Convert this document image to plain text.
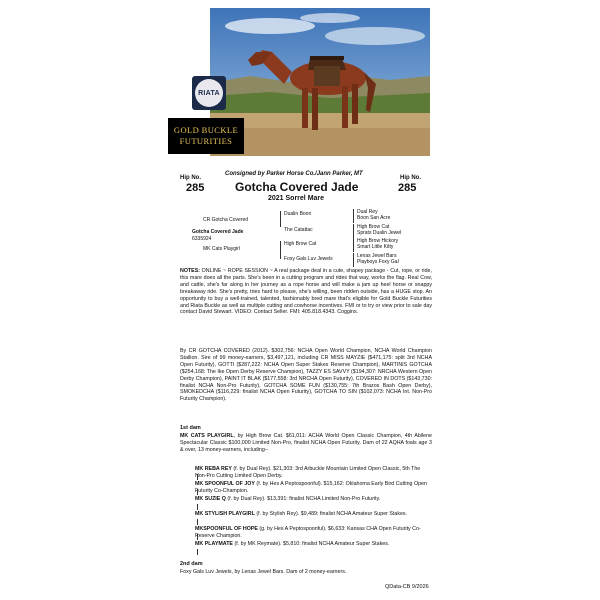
RIATA
GOLD BUCKLE
FUTURITIES
Consigned by Parker Horse Co./Jann Parker, MT
Hip No.
285
Hip No.
285
Gotcha Covered Jade
2021 Sorrel Mare
CR Gotcha Covered
Gotcha Covered Jade
6335924
MK Cats Playgirl
Dualin Boon
The Catattac
High Brow Cat
Foxy Gals Luv Jewels
Dual Rey
Boon San Acre
High Brow Cat
Sprats Dualin Jewel
High Brow Hickory
Smart Little Kitty
Lenas Jewel Bars
Playboys Foxy Gal
NOTES: ONLINE ~ ROPE SESSION ~ A real package deal in a cute, shapey package - Cut, rope, or ride, this mare does all the parts. She's been in a cutting program and rides that way, works the flag. Real Cow, and cattle, she's far along in her journey as a rope horse and will make a jam up heel horse or snappy breakaway ride. She's pretty, tries hard to please, she's willing, been ridden outside, has a HUGE stop. An opportunity to buy a well-trained, talented, fashionably bred mare that's eligible for Gold Buckle Futurities and Riata Buckle as well as multiple cutting and cowhorse incentives. FMI or to try or view prior to sale day contact David Stewart. VIDEO: Contact Seller. FMI: 405.818.4343. Coggins.
By CR GOTCHA COVERED (2012). $302,756: NCHA Open World Champion, NCHA World Champion Stallion. Sire of 99 money-earners, $3,497,121, including CR MISS MAYZIE ($471,175: split 3rd NCHA Open Futurity), GOTTI ($287,222: NCHA Open Super Stakes Reserve Champion), MARTINIS GOTCHA ($254,168: The Ike Open Derby Reserve Champion), TAZZY ES SAVVY ($194,307: NRCHA Western Open Derby Champion), PAINT IT BLAK ($177,558: 3rd NRCHA Open Futurity), COVERED IN DOTS ($143,730: finalist NCHA Non-Pro Futurity), GOTCHA SOME FUN ($130,755: 7th Brazos Bash Open Derby), SMOKEDCHA ($116,229: finalist NCHA Open Futurity), GOTCHA TO SIN ($102,073: NCHA Int. Non-Pro Futurity Champion).
1st dam
MK CATS PLAYGIRL, by High Brow Cat. $61,011: ACHA World Open Classic Champion, 4th Abilene Spectacular Classic $100,000 Limited Non-Pro, finalist NCHA Open Futurity. Dam of 22 AQHA foals age 3 & over, 13 money-earners, including--
MK REBA REY (f. by Dual Rey). $21,303: 3rd Arbuckle Mountain Limited Open Classic, 5th The Non-Pro Cutting Limited Open Derby.
MK SPOONFUL OF JOY (f. by Hes A Peptospoonful). $15,162: Oklahoma Early Bird Cutting Open Futurity Co-Champion.
MK SUZIE Q (f. by Dual Rey). $13,391: finalist NCHA Limited Non-Pro Futurity.
MK STYLISH PLAYGIRL (f. by Stylish Rey). $9,489: finalist NCHA Amateur Super Stakes.
MKSPOONFUL OF HOPE (g. by Hes A Peptospoonful). $6,633: Kansas CHA Open Futurity Co-Reserve Champion.
MK PLAYMATE (f. by MK Reymate). $5,810: finalist NCHA Amateur Super Stakes.
2nd dam
Foxy Gals Luv Jewels, by Lenas Jewel Bars. Dam of 2 money-earners.
QData-CB 9/2026
